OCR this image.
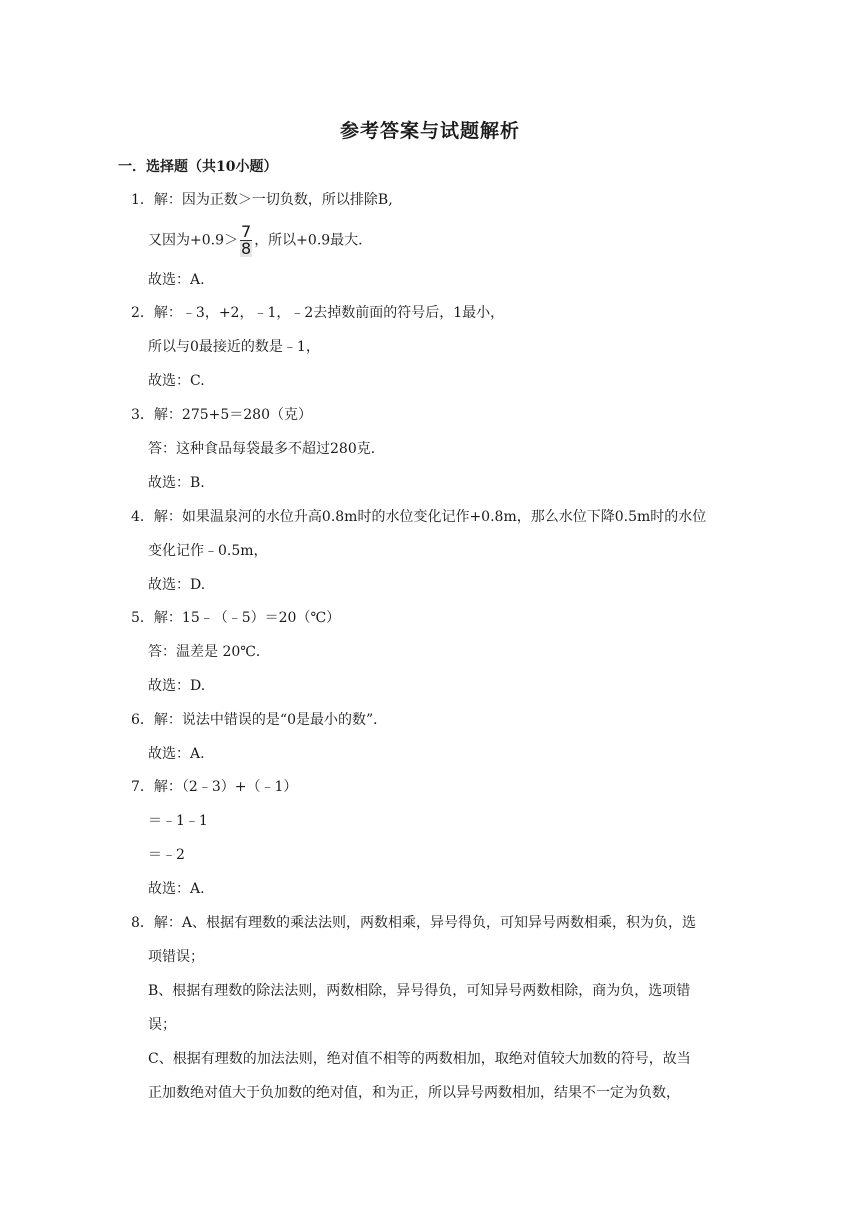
参考答案与试题解析
一．选择题（共10小题）
1．解：因为正数＞一切负数，所以排除B,
又因为$+0.9> \frac{7}{8}$ ，所以+0.9最大．
故选：A.
2．解：﹣3，+2，﹣1，﹣2去掉数前面的符号后，1最小，
所以与0最接近的数是﹣1，
故选：C.
3．解：275+5＝280（克）
答：这种食品每袋最多不超过280克．
故选：B.
4．解：如果温泉河的水位升高0.8m时的水位变化记作+0.8m，那么水位下降0.5m时的水位
变化记作﹣0.5m，
故选：D.
5．解：15﹣（﹣5）＝20（℃）
答：温差是 20℃．
故选：D.
6．解：说法中错误的是“0是最小的数”．
故选：A.
7．解：（2﹣3）+（﹣1）
＝﹣1﹣1
＝﹣2
故选：A.
8．解：A、根据有理数的乘法法则，两数相乘，异号得负，可知异号两数相乘，积为负，选
项错误；
B、根据有理数的除法法则，两数相除，异号得负，可知异号两数相除，商为负，选项错
误；
C、根据有理数的加法法则，绝对值不相等的两数相加，取绝对值较大加数的符号，故当
正加数绝对值大于负加数的绝对值，和为正，所以异号两数相加，结果不一定为负数，
